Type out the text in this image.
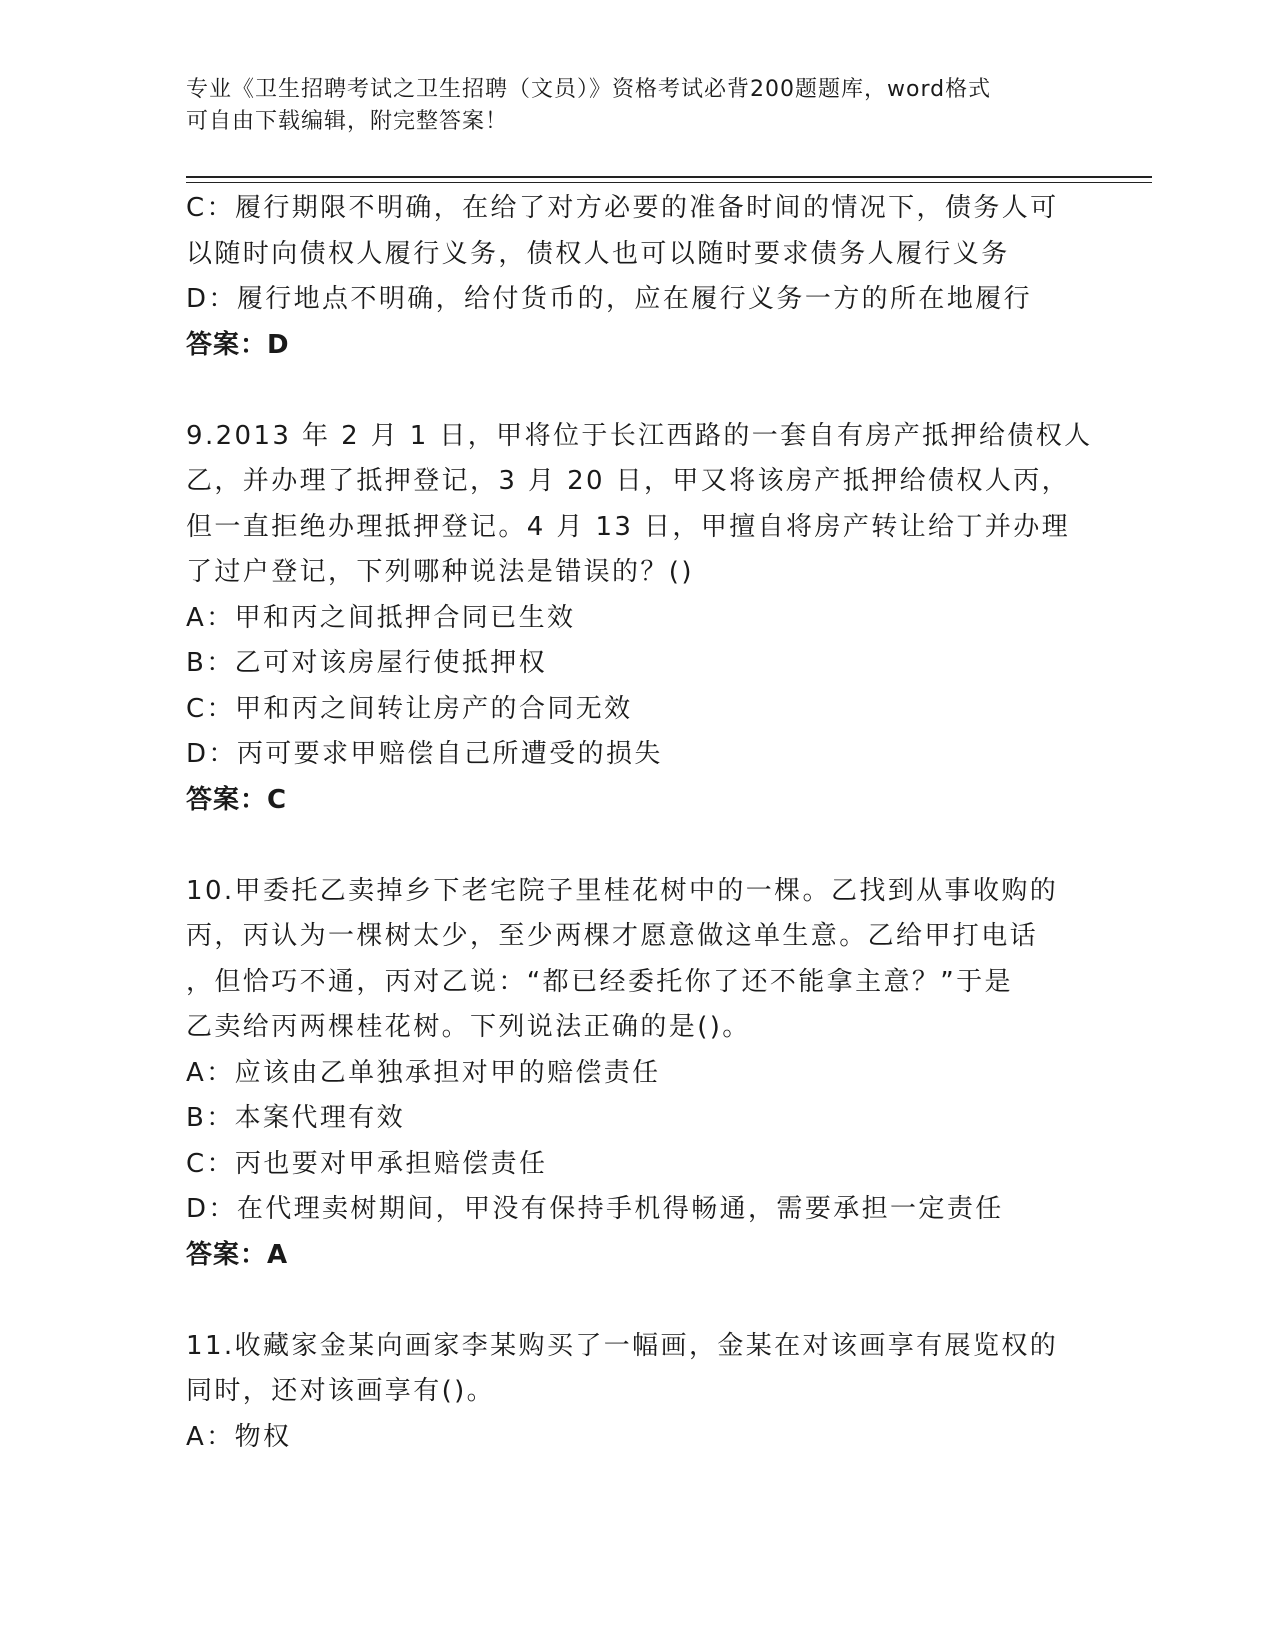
专业《卫生招聘考试之卫生招聘（文员）》资格考试必背200题题库，word格式
可自由下载编辑，附完整答案！
C：履行期限不明确，在给了对方必要的准备时间的情况下，债务人可
以随时向债权人履行义务，债权人也可以随时要求债务人履行义务
D：履行地点不明确，给付货币的，应在履行义务一方的所在地履行
答案：D
9.2013 年 2 月 1 日，甲将位于长江西路的一套自有房产抵押给债权人
乙，并办理了抵押登记，3 月 20 日，甲又将该房产抵押给债权人丙，
但一直拒绝办理抵押登记。4 月 13 日，甲擅自将房产转让给丁并办理
了过户登记，下列哪种说法是错误的？()
A：甲和丙之间抵押合同已生效
B：乙可对该房屋行使抵押权
C：甲和丙之间转让房产的合同无效
D：丙可要求甲赔偿自己所遭受的损失
答案：C
10.甲委托乙卖掉乡下老宅院子里桂花树中的一棵。乙找到从事收购的
丙，丙认为一棵树太少，至少两棵才愿意做这单生意。乙给甲打电话
，但恰巧不通，丙对乙说：“都已经委托你了还不能拿主意？”于是
乙卖给丙两棵桂花树。下列说法正确的是()。
A：应该由乙单独承担对甲的赔偿责任
B：本案代理有效
C：丙也要对甲承担赔偿责任
D：在代理卖树期间，甲没有保持手机得畅通，需要承担一定责任
答案：A
11.收藏家金某向画家李某购买了一幅画，金某在对该画享有展览权的
同时，还对该画享有()。
A：物权
